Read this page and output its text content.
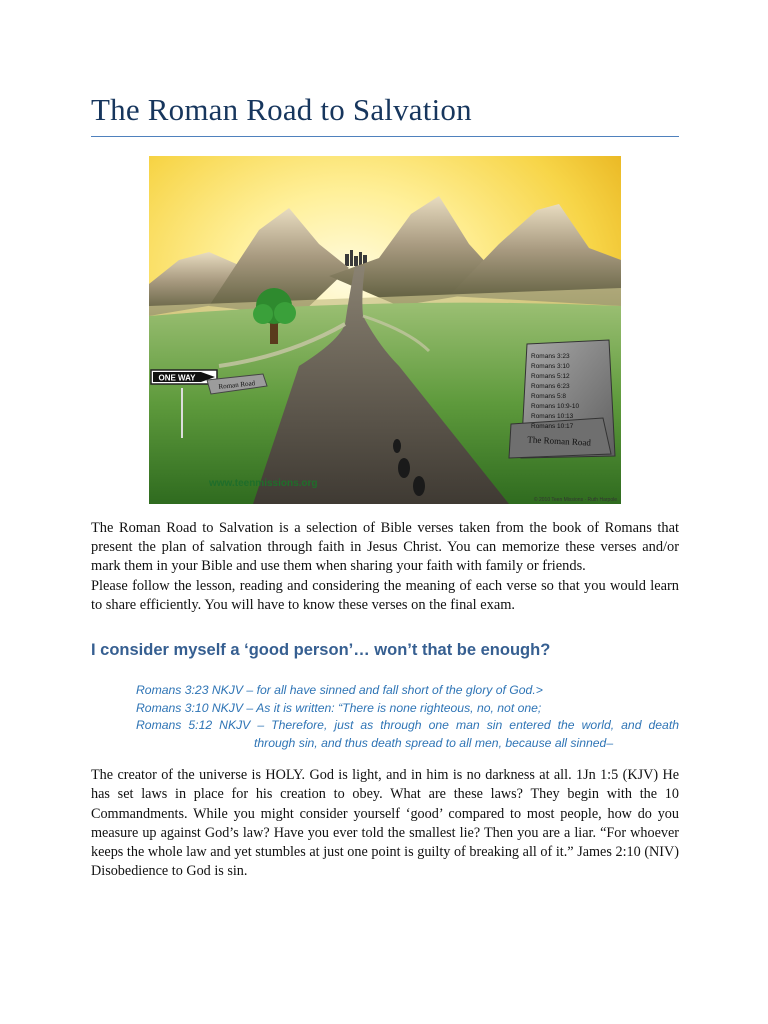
The Roman Road to Salvation
ONE WAY
Roman Road
Romans 3:23
Romans 3:10
Romans 5:12
Romans 6:23
Romans 5:8
Romans 10:9-10
Romans 10:13
Romans 10:17
The Roman Road
www.teenmissions.org
© 2010 Teen Missions · Ruth Harpole

The Roman Road to Salvation is a selection of Bible verses taken from the book of Romans that present the plan of salvation through faith in Jesus Christ. You can memorize these verses and/or mark them in your Bible and use them when sharing your faith with family or friends.

Please follow the lesson, reading and considering the meaning of each verse so that you would learn to share efficiently. You will have to know these verses on the final exam.

I consider myself a ‘good person’… won’t that be enough?
Romans 3:23 NKJV – for all have sinned and fall short of the glory of God.>
Romans 3:10 NKJV – As it is written: “There is none righteous, no, not one;
Romans 5:12 NKJV – Therefore, just as through one man sin entered the world, and death
through sin, and thus death spread to all men, because all sinned–

The creator of the universe is HOLY. God is light, and in him is no darkness at all. 1Jn 1:5 (KJV) He has set laws in place for his creation to obey. What are these laws? They begin with the 10 Commandments. While you might consider yourself ‘good’ compared to most people, how do you measure up against God’s law? Have you ever told the smallest lie? Then you are a liar. “For whoever keeps the whole law and yet stumbles at just one point is guilty of breaking all of it.” James 2:10 (NIV) Disobedience to God is sin.
